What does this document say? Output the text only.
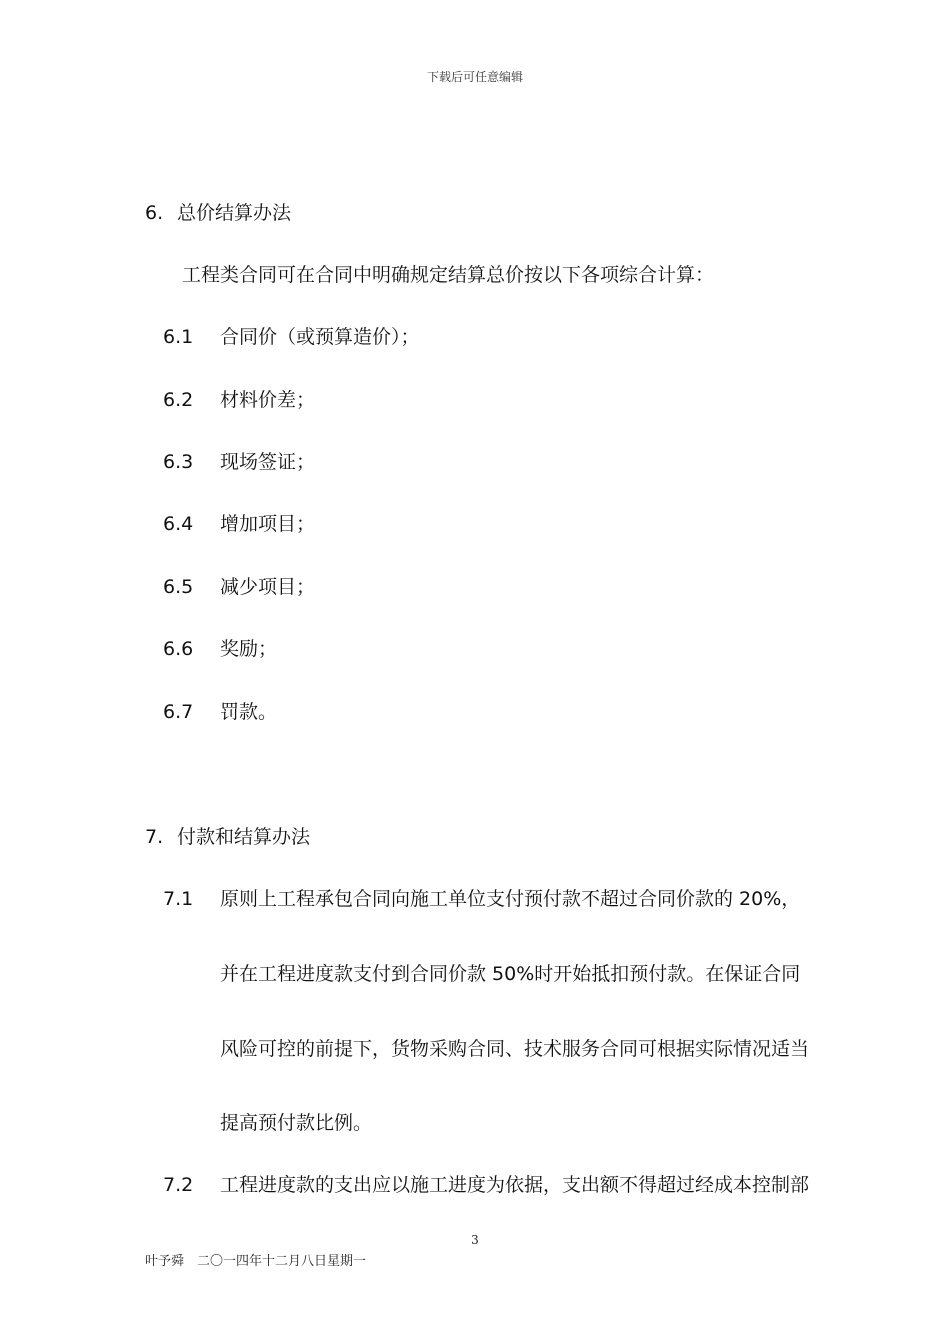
下载后可任意编辑
6. 总价结算办法
工程类合同可在合同中明确规定结算总价按以下各项综合计算：
6.1 合同价（或预算造价）；
6.2 材料价差；
6.3 现场签证；
6.4 增加项目；
6.5 减少项目；
6.6 奖励；
6.7 罚款。
7. 付款和结算办法
7.1 原则上工程承包合同向施工单位支付预付款不超过合同价款的 20%，
并在工程进度款支付到合同价款 50%时开始抵扣预付款。在保证合同
风险可控的前提下，货物采购合同、技术服务合同可根据实际情况适当
提高预付款比例。
7.2 工程进度款的支出应以施工进度为依据，支出额不得超过经成本控制部
3
叶予舜　二〇一四年十二月八日星期一
